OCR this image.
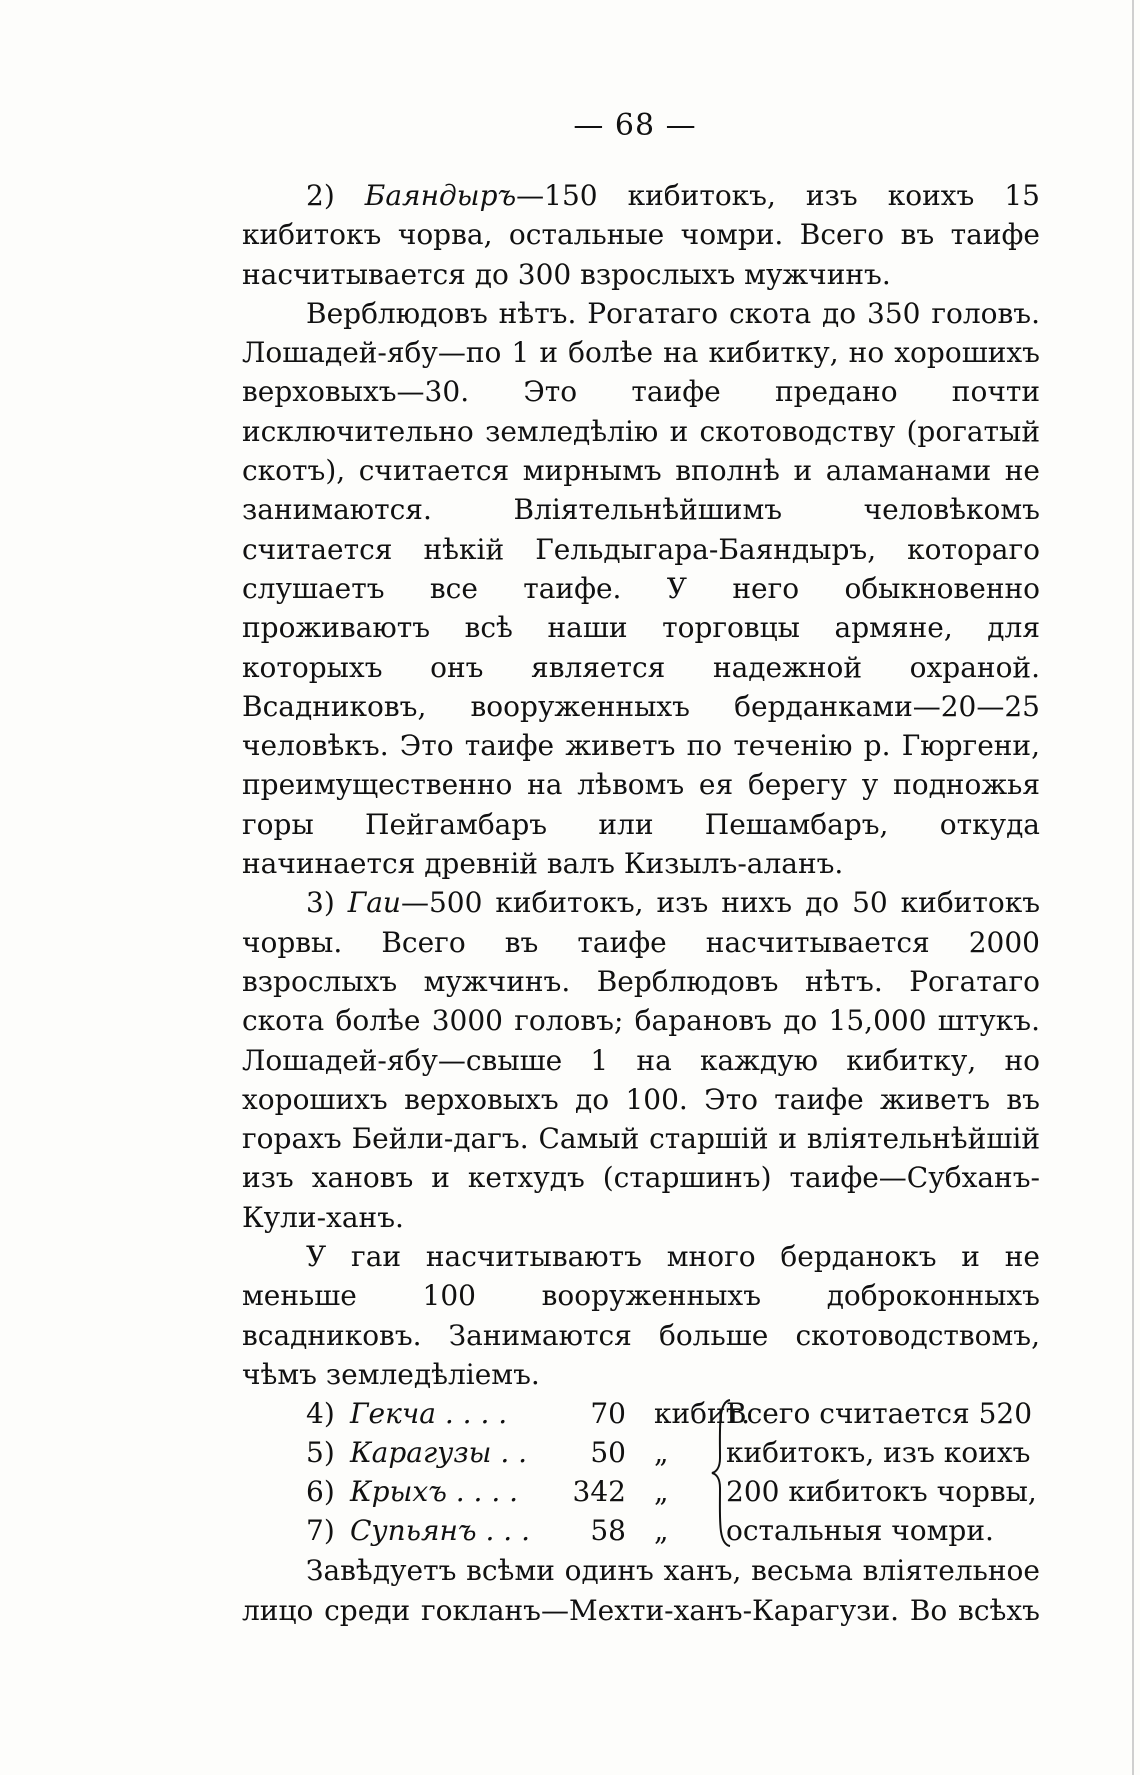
— 68 —

2) Баяндыръ—150 кибитокъ, изъ коихъ 15 кибитокъ чорва, остальные чомри. Всего въ таифе насчитывается до 300 взрослыхъ мужчинъ.

Верблюдовъ нѣтъ. Рогатаго скота до 350 головъ. Лошадей-ябу—по 1 и болѣе на кибитку, но хорошихъ верховыхъ—30. Это таифе предано почти исключительно земледѣлію и скотоводству (рогатый скотъ), считается мирнымъ вполнѣ и аламанами не занимаются. Вліятельнѣйшимъ человѣкомъ считается нѣкій Гельдыгара-Баяндыръ, котораго слушаетъ все таифе. У него обыкновенно проживаютъ всѣ наши торговцы армяне, для которыхъ онъ является надежной охраной. Всадниковъ, вооруженныхъ берданками—20—25 человѣкъ. Это таифе живетъ по теченію р. Гюргени, преимущественно на лѣвомъ ея берегу у подножья горы Пейгамбаръ или Пешамбаръ, откуда начинается древній валъ Кизылъ-аланъ.

3) Гаи—500 кибитокъ, изъ нихъ до 50 кибитокъ чорвы. Всего въ таифе насчитывается 2000 взрослыхъ мужчинъ. Верблюдовъ нѣтъ. Рогатаго скота болѣе 3000 головъ; барановъ до 15,000 штукъ. Лошадей-ябу—свыше 1 на каждую кибитку, но хорошихъ верховыхъ до 100. Это таифе живетъ въ горахъ Бейли-дагъ. Самый старшій и вліятельнѣйшій изъ хановъ и кетхудъ (старшинъ) таифе—Субханъ-Кули-ханъ.

У гаи насчитываютъ много берданокъ и не меньше 100 вооруженныхъ доброконныхъ всадниковъ. Занимаются больше скотоводствомъ, чѣмъ земледѣліемъ.

4) Гекча . . . .	70 кибит.
5) Карагузы . . 50 „
6) Крыхъ . . . . 342 „
7) Супьянъ . . . 58 „
Всего считается 520
кибитокъ, изъ коихъ
200 кибитокъ чорвы,
остальныя чомри.

Завѣдуетъ всѣми одинъ ханъ, весьма вліятельное лицо среди гокланъ—Мехти-ханъ-Карагузи. Во всѣхъ
